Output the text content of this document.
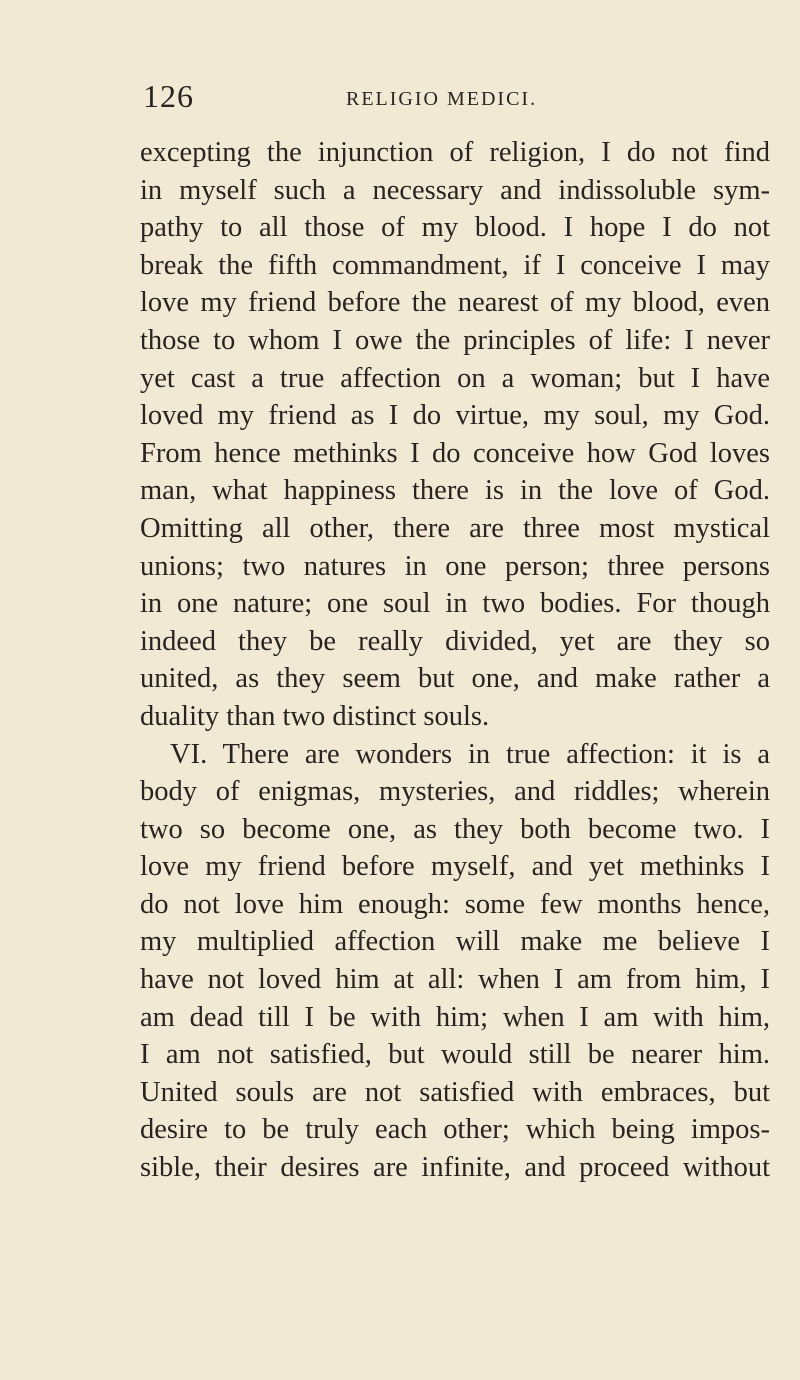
126	RELIGIO MEDICI.
excepting the injunction of religion, I do not find
in myself such a necessary and indissoluble sym-
pathy to all those of my blood. I hope I do not
break the fifth commandment, if I conceive I may
love my friend before the nearest of my blood, even
those to whom I owe the principles of life: I never
yet cast a true affection on a woman; but I have
loved my friend as I do virtue, my soul, my God.
From hence methinks I do conceive how God loves
man, what happiness there is in the love of God.
Omitting all other, there are three most mystical
unions; two natures in one person; three persons
in one nature; one soul in two bodies. For though
indeed they be really divided, yet are they so
united, as they seem but one, and make rather a
duality than two distinct souls.
VI. There are wonders in true affection: it is a
body of enigmas, mysteries, and riddles; wherein
two so become one, as they both become two. I
love my friend before myself, and yet methinks I
do not love him enough: some few months hence,
my multiplied affection will make me believe I
have not loved him at all: when I am from him, I
am dead till I be with him; when I am with him,
I am not satisfied, but would still be nearer him.
United souls are not satisfied with embraces, but
desire to be truly each other; which being impos-
sible, their desires are infinite, and proceed without
